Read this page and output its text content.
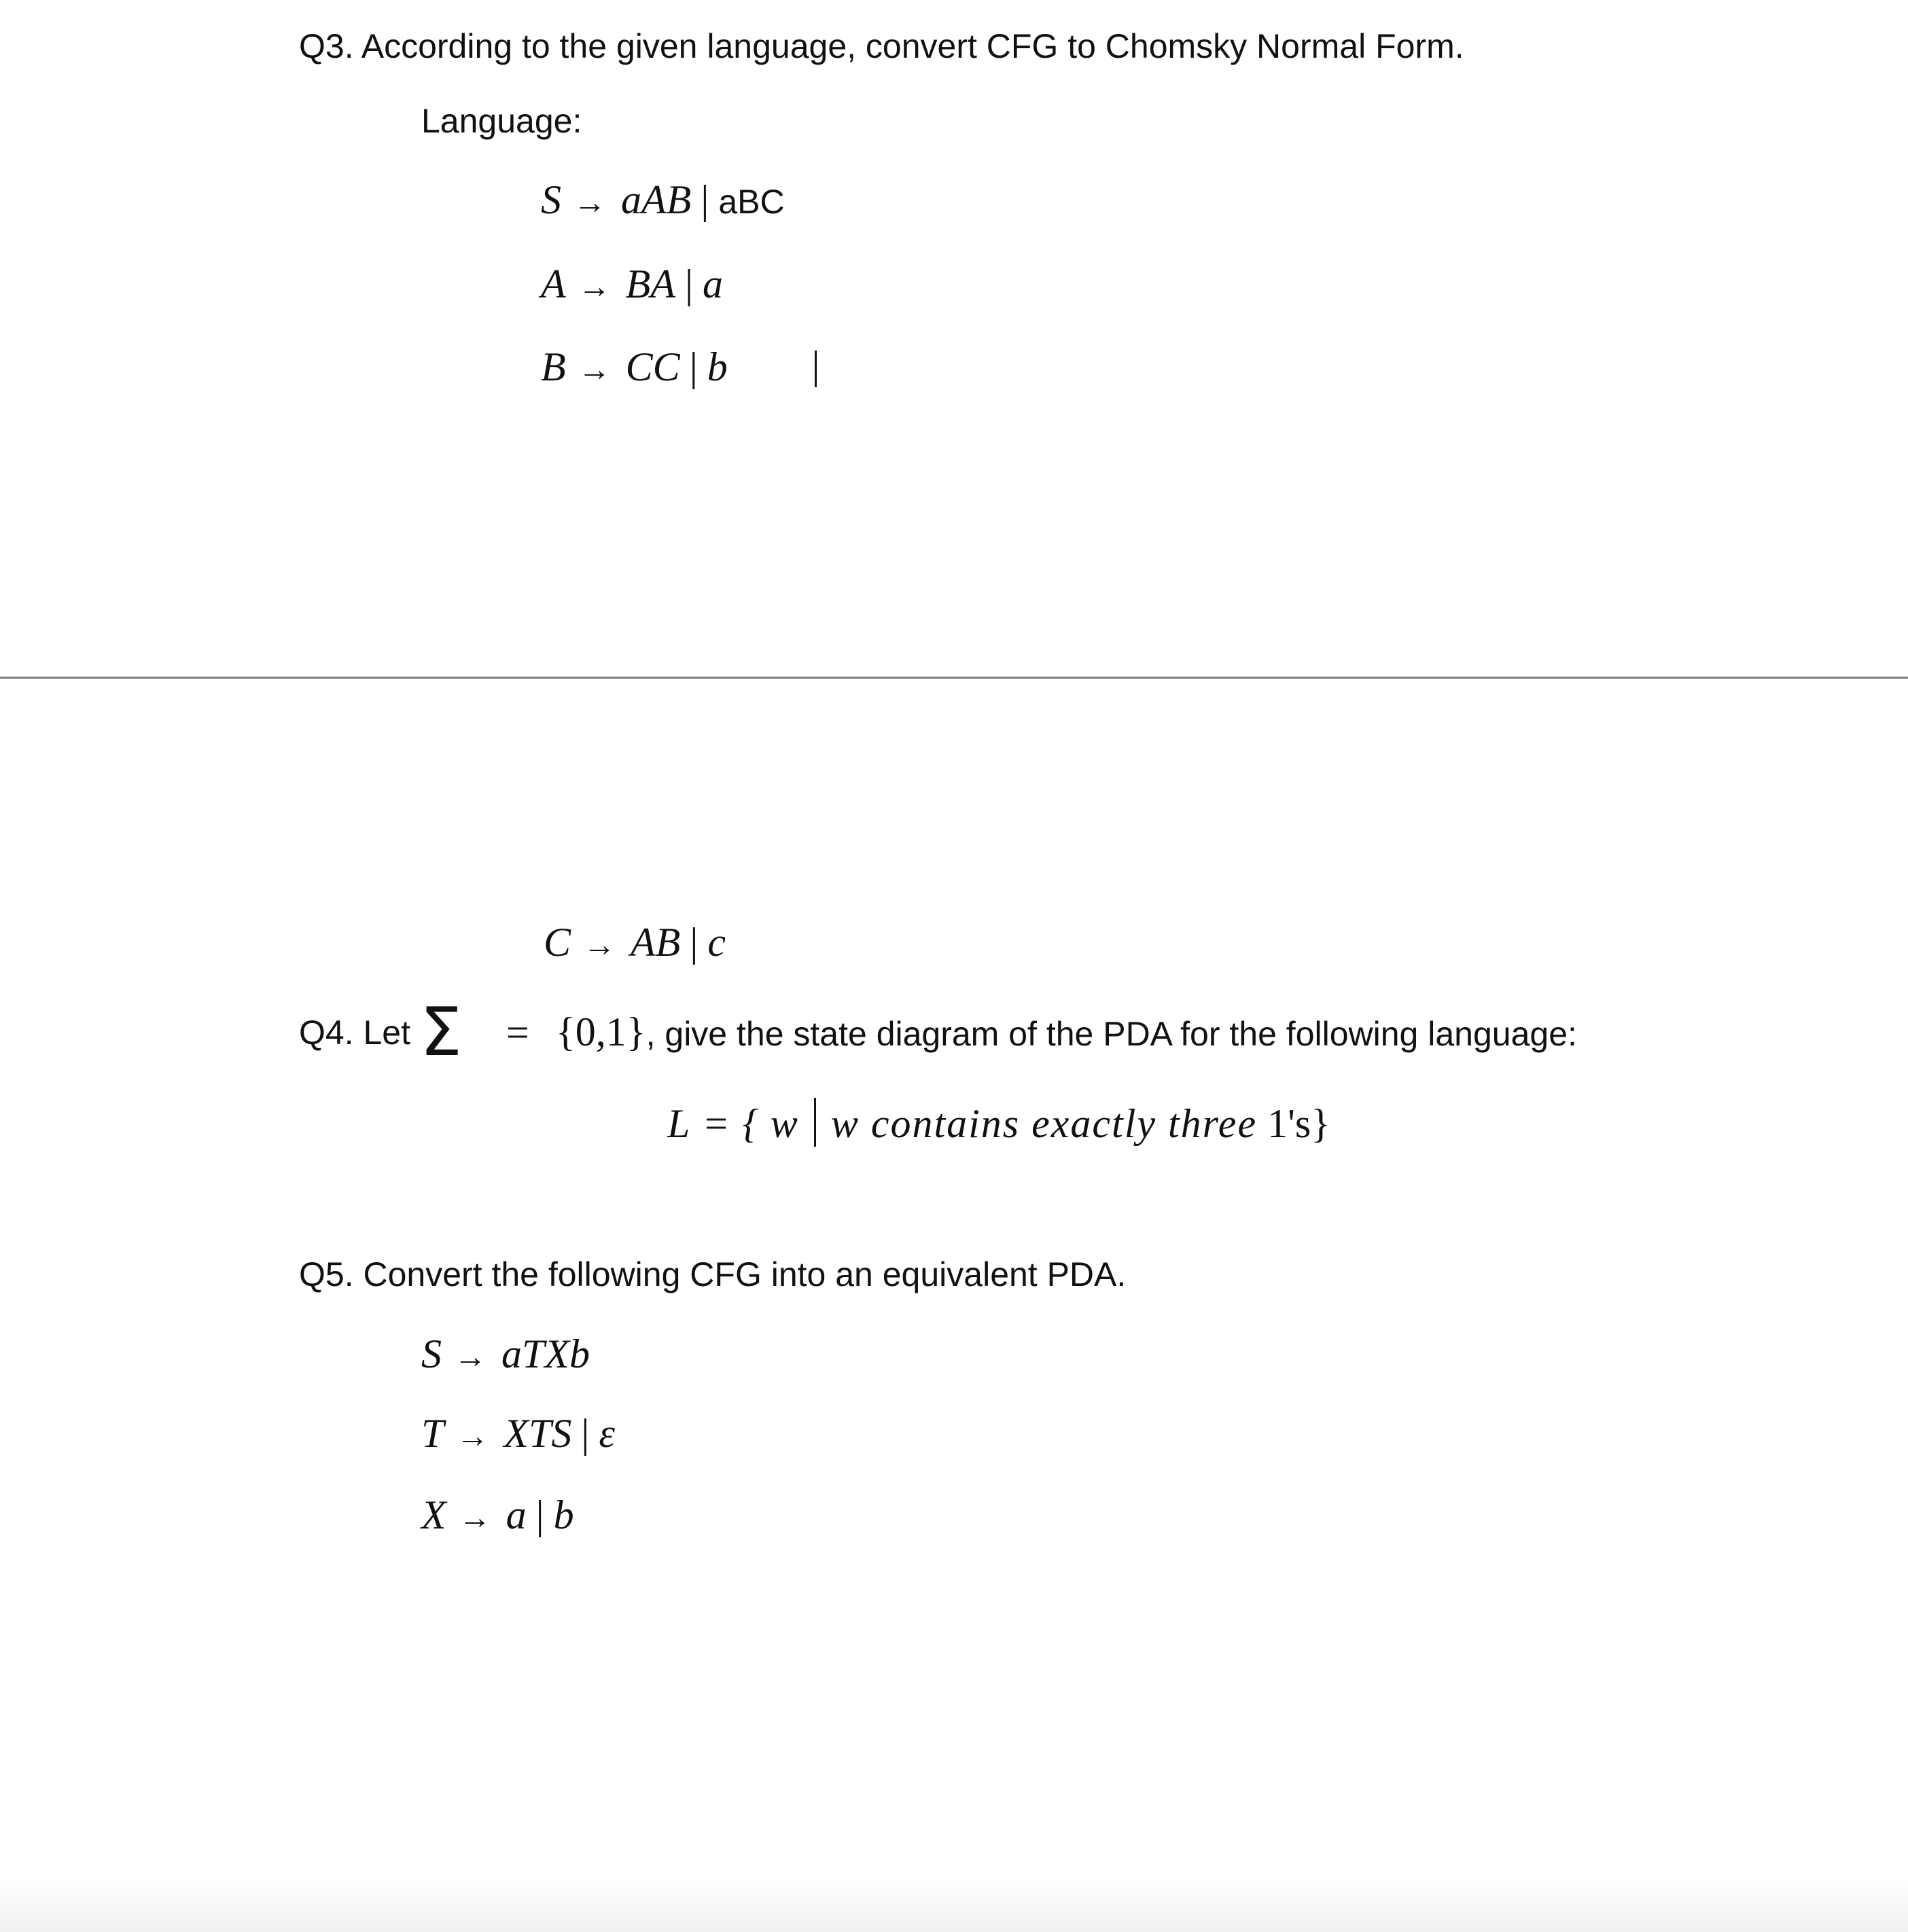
Q3. According to the given language, convert CFG to Chomsky Normal Form.
Language:
S → aAB | aBC
A → BA | a
B → CC | b
C → AB | c
Q4. Let Σ = {0,1}, give the state diagram of the PDA for the following language:
L = { w w contains exactly three 1's}
Q5. Convert the following CFG into an equivalent PDA.
S → aTXb
T → XTS | ε
X → a | b
